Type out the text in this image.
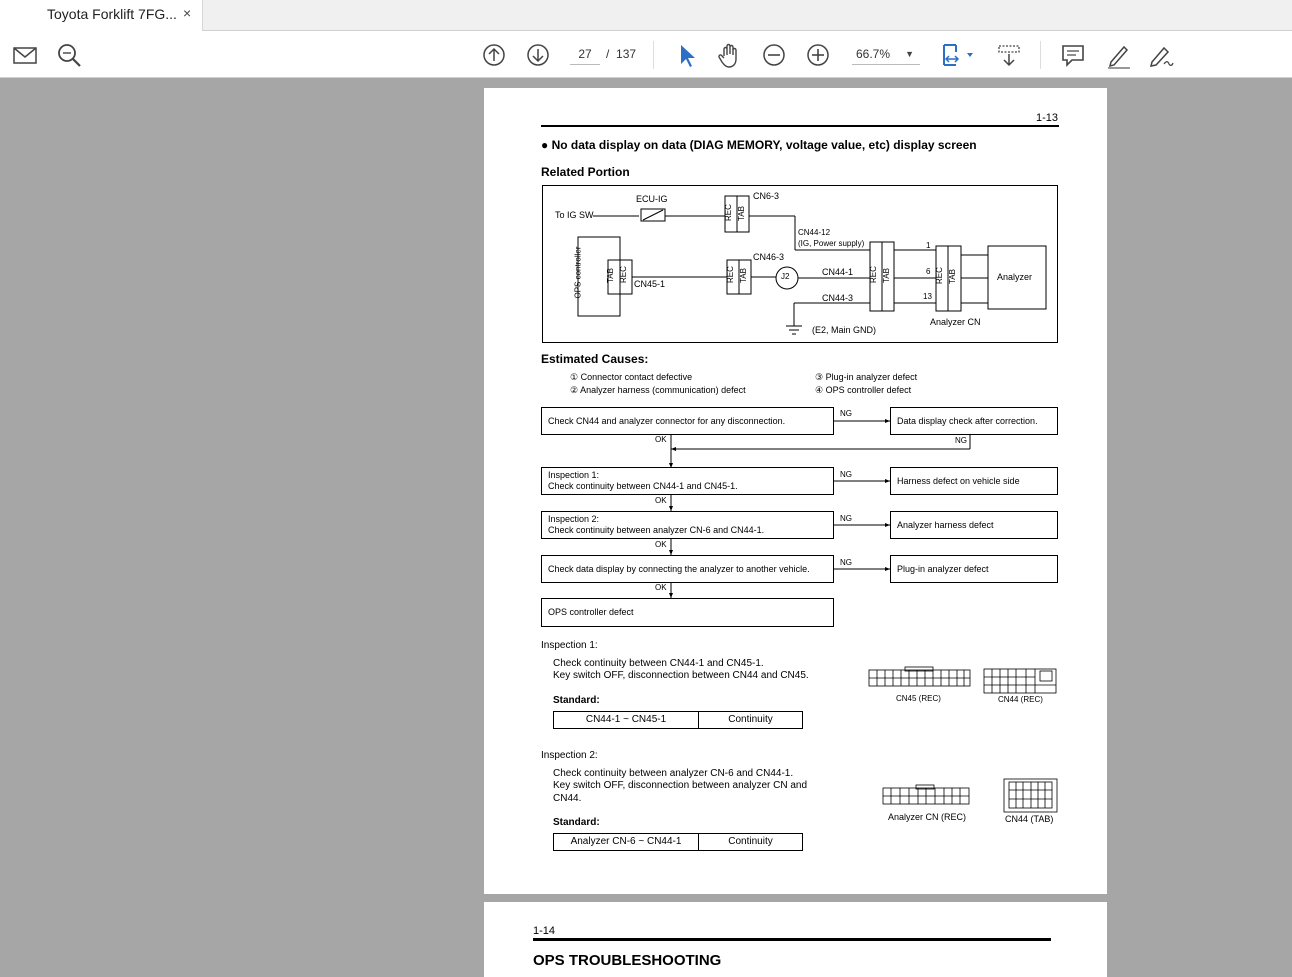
Toyota Forklift 7FG... ×
27	/ 137	66.7% ▼
1-13
● No data display on data (DIAG MEMORY, voltage value, etc) display screen
Related Portion
To IG SW
ECU-IG	CN6-3
REC TAB
CN44-12
(IG, Power supply)
OPS controller	TAB REC
CN46-3
CN45-1
REC TAB	J2	CN44-1
CN44-3
REC TAB
1
6
13
REC TAB	Analyzer
Analyzer CN
(E2, Main GND)
Estimated Causes:
① Connector contact defective
② Analyzer harness (communication) defect
③ Plug-in analyzer defect
④ OPS controller defect
Check CN44 and analyzer connector for any disconnection.	Data display check after correction.
Inspection 1:
Check continuity between CN44-1 and CN45-1.	Harness defect on vehicle side
Inspection 2:
Check continuity between analyzer CN-6 and CN44-1.	Analyzer harness defect
Check data display by connecting the analyzer to another vehicle.	Plug-in analyzer defect
OPS controller defect
NG
OK	NG
NG
OK
NG
OK
NG
OK
Inspection 1:
Check continuity between CN44-1 and CN45-1.
Key switch OFF, disconnection between CN44 and CN45.
Standard:
CN44-1 ~ CN45-1	Continuity
CN45 (REC)	CN44 (REC)
Inspection 2:
Check continuity between analyzer CN-6 and CN44-1.
Key switch OFF, disconnection between analyzer CN and
CN44.
Standard:
Analyzer CN-6 ~ CN44-1	Continuity
Analyzer CN (REC)	CN44 (TAB)
1-14
OPS TROUBLESHOOTING
